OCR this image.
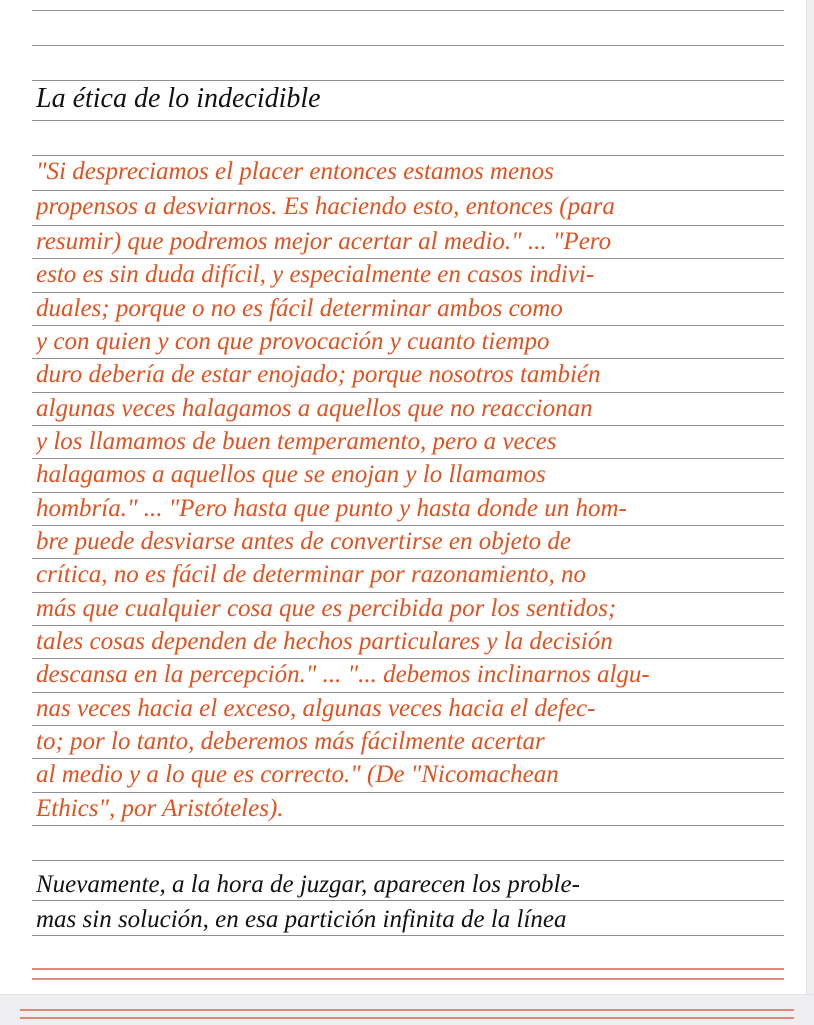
La ética de lo indecidible
"Si despreciamos el placer entonces estamos menos
propensos a desviarnos. Es haciendo esto, entonces (para
resumir) que podremos mejor acertar al medio." ... "Pero
esto es sin duda difícil, y especialmente en casos indivi-
duales; porque o no es fácil determinar ambos como
y con quien y con que provocación y cuanto tiempo
duro debería de estar enojado; porque nosotros también
algunas veces halagamos a aquellos que no reaccionan
y los llamamos de buen temperamento, pero a veces
halagamos a aquellos que se enojan y lo llamamos
hombría." ... "Pero hasta que punto y hasta donde un hom-
bre puede desviarse antes de convertirse en objeto de
crítica, no es fácil de determinar por razonamiento, no
más que cualquier cosa que es percibida por los sentidos;
tales cosas dependen de hechos particulares y la decisión
descansa en la percepción." ... "... debemos inclinarnos algu-
nas veces hacia el exceso, algunas veces hacia el defec-
to; por lo tanto, deberemos más fácilmente acertar
al medio y a lo que es correcto." (De "Nicomachean
Ethics", por Aristóteles).
Nuevamente, a la hora de juzgar, aparecen los proble-
mas sin solución, en esa partición infinita de la línea
